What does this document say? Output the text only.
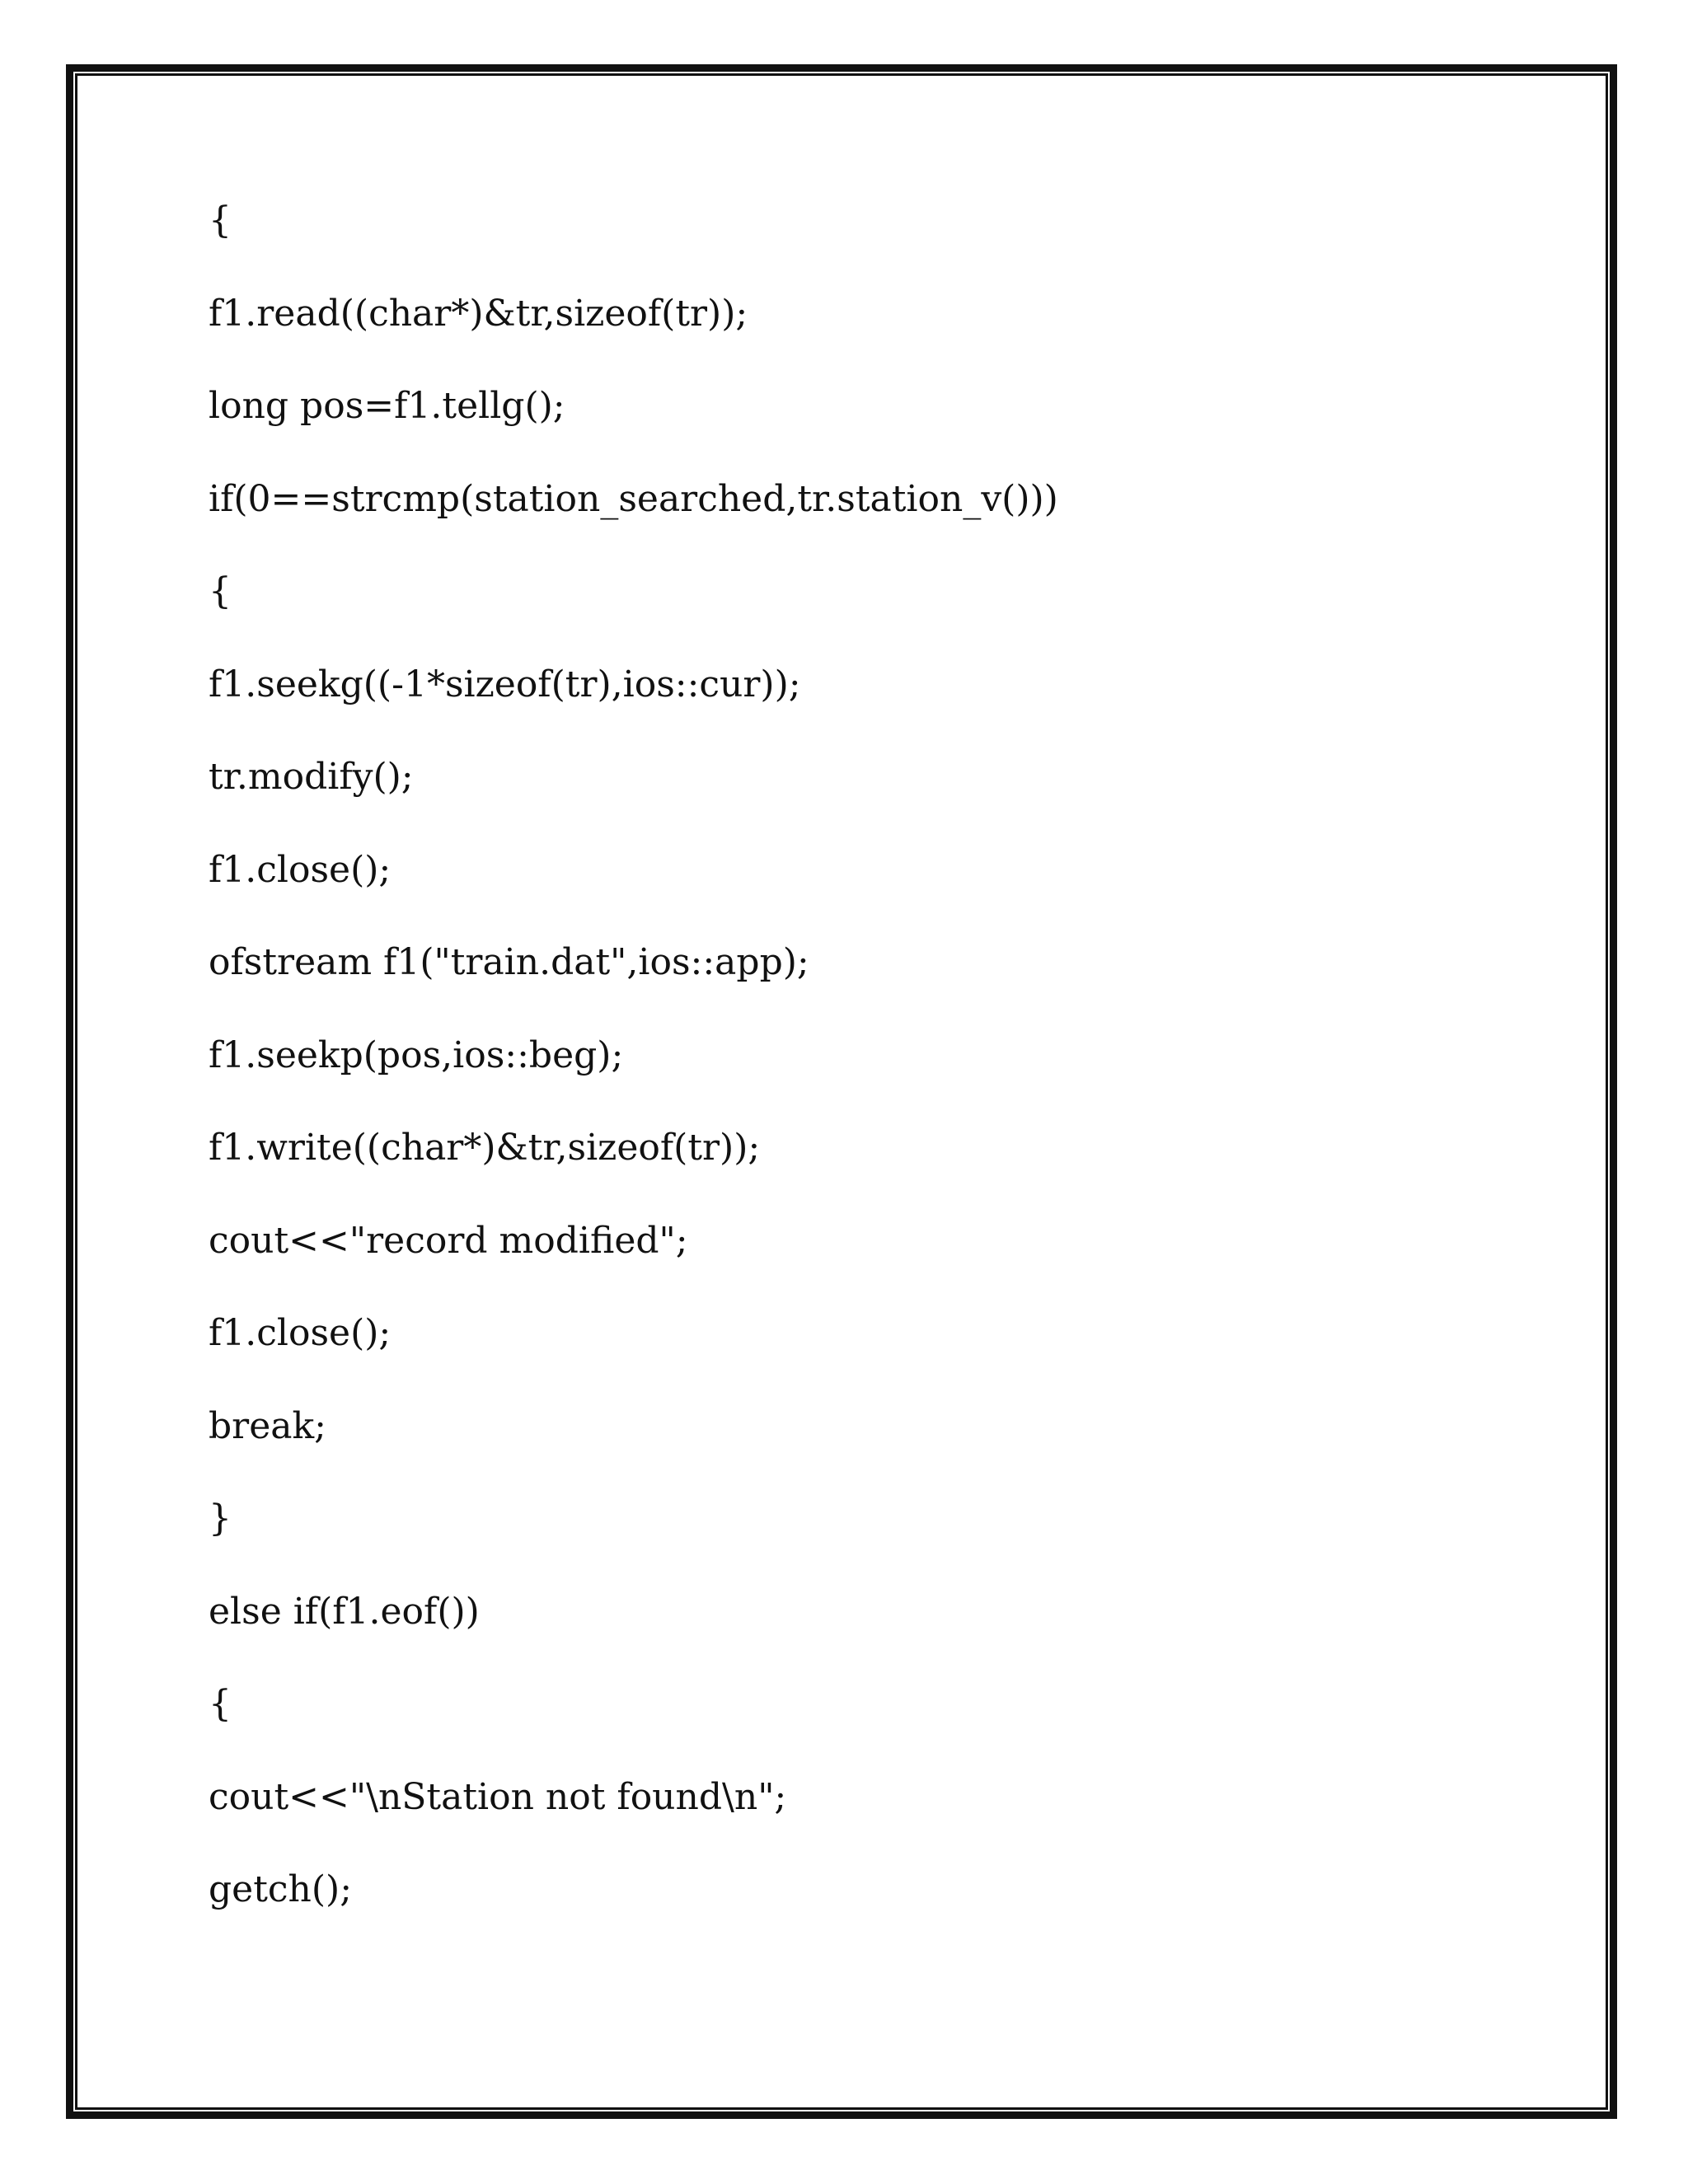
{
f1.read((char*)&tr,sizeof(tr));
long pos=f1.tellg();
if(0==strcmp(station_searched,tr.station_v()))
{
f1.seekg((-1*sizeof(tr),ios::cur));
tr.modify();
f1.close();
ofstream f1("train.dat",ios::app);
f1.seekp(pos,ios::beg);
f1.write((char*)&tr,sizeof(tr));
cout<<"record modified";
f1.close();
break;
}
else if(f1.eof())
{
cout<<"\nStation not found\n";
getch();
